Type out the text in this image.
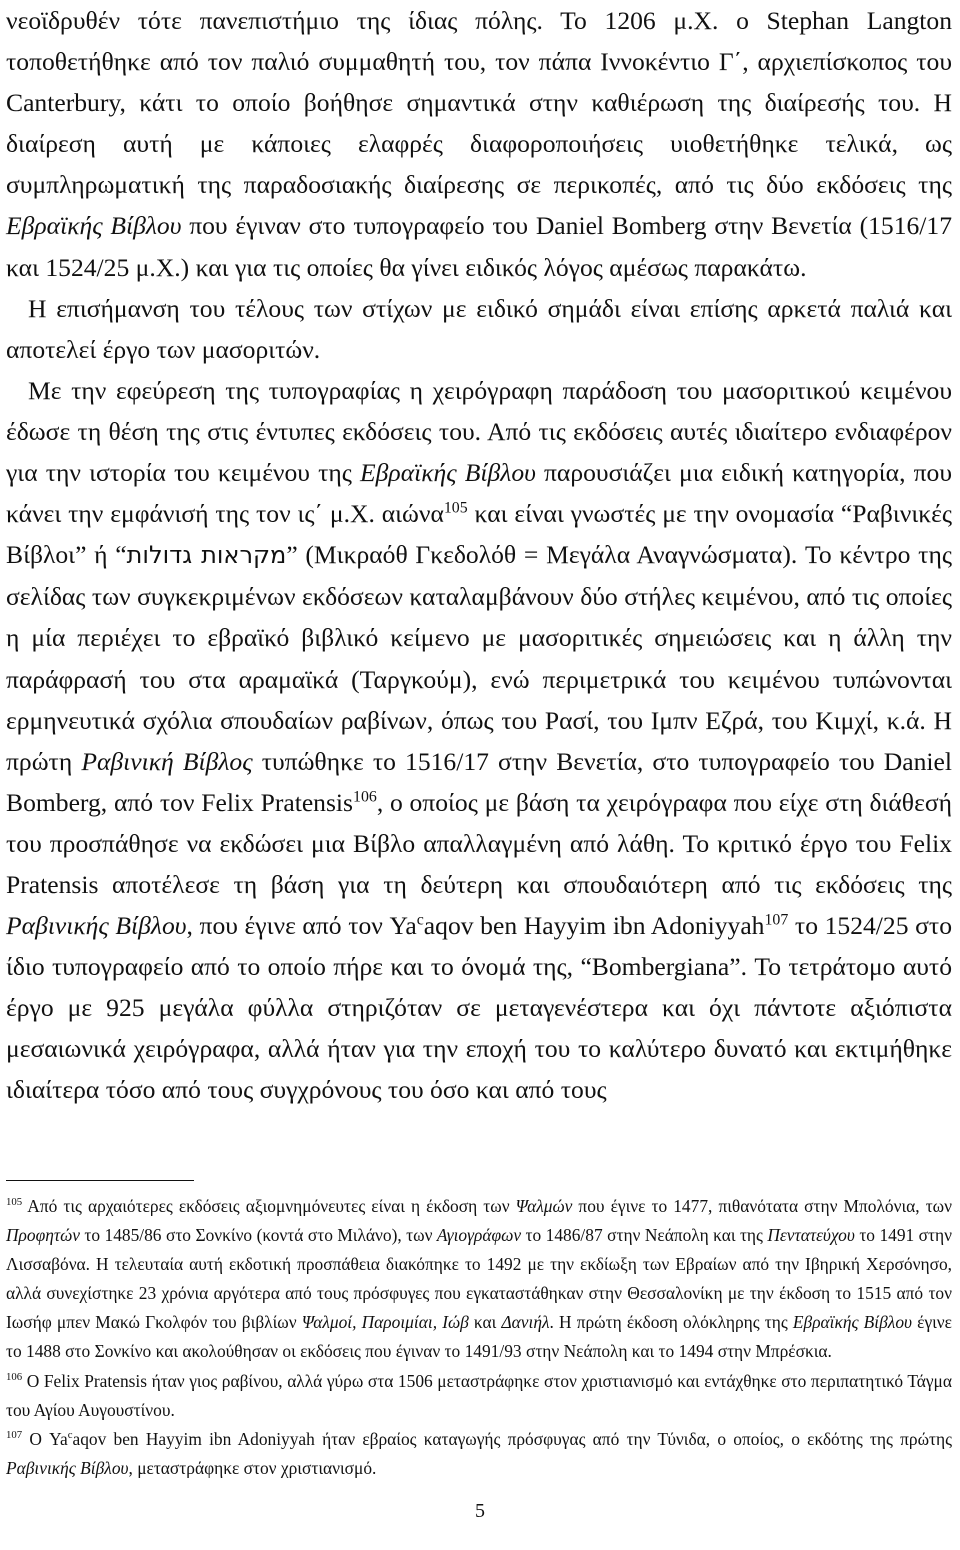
νεοϊδρυθέν τότε πανεπιστήμιο της ίδιας πόλης. Το 1206 μ.Χ. ο Stephan Langton τοποθετήθηκε από τον παλιό συμμαθητή του, τον πάπα Ιννοκέντιο Γ΄, αρχιεπίσκοπος του Canterbury, κάτι το οποίο βοήθησε σημαντικά στην καθιέρωση της διαίρεσής του. Η διαίρεση αυτή με κάποιες ελαφρές διαφοροποιήσεις υιοθετήθηκε τελικά, ως συμπληρωματική της παραδοσιακής διαίρεσης σε περικοπές, από τις δύο εκδόσεις της Εβραϊκής Βίβλου που έγιναν στο τυπογραφείο του Daniel Bomberg στην Βενετία (1516/17 και 1524/25 μ.Χ.) και για τις οποίες θα γίνει ειδικός λόγος αμέσως παρακάτω.

Η επισήμανση του τέλους των στίχων με ειδικό σημάδι είναι επίσης αρκετά παλιά και αποτελεί έργο των μασοριτών.

Με την εφεύρεση της τυπογραφίας η χειρόγραφη παράδοση του μασοριτικού κειμένου έδωσε τη θέση της στις έντυπες εκδόσεις του. Από τις εκδόσεις αυτές ιδιαίτερο ενδιαφέρον για την ιστορία του κειμένου της Εβραϊκής Βίβλου παρουσιάζει μια ειδική κατηγορία, που κάνει την εμφάνισή της τον ις΄ μ.Χ. αιώνα$^{105}$ και είναι γνωστές με την ονομασία “Ραβινικές Βίβλοι” ή “מקראות גדולות” (Μικραόθ Γκεδολόθ = Μεγάλα Αναγνώσματα). Το κέντρο της σελίδας των συγκεκριμένων εκδόσεων καταλαμβάνουν δύο στήλες κειμένου, από τις οποίες η μία περιέχει το εβραϊκό βιβλικό κείμενο με μασοριτικές σημειώσεις και η άλλη την παράφρασή του στα αραμαϊκά (Ταργκούμ), ενώ περιμετρικά του κειμένου τυπώνονται ερμηνευτικά σχόλια σπουδαίων ραβίνων, όπως του Ρασί, του Ιμπν Εζρά, του Κιμχί, κ.ά. Η πρώτη Ραβινική Βίβλος τυπώθηκε το 1516/17 στην Βενετία, στο τυπογραφείο του Daniel Bomberg, από τον Felix Pratensis$^{106}$, ο οποίος με βάση τα χειρόγραφα που είχε στη διάθεσή του προσπάθησε να εκδώσει μια Βίβλο απαλλαγμένη από λάθη. Το κριτικό έργο του Felix Pratensis αποτέλεσε τη βάση για τη δεύτερη και σπουδαιότερη από τις εκδόσεις της Ραβινικής Βίβλου, που έγινε από τον Ya$^c$aqov ben Hayyim ibn Adoniyyah$^{107}$ το 1524/25 στο ίδιο τυπογραφείο από το οποίο πήρε και το όνομά της, “Bombergiana”. Το τετράτομο αυτό έργο με 925 μεγάλα φύλλα στηριζόταν σε μεταγενέστερα και όχι πάντοτε αξιόπιστα μεσαιωνικά χειρόγραφα, αλλά ήταν για την εποχή του το καλύτερο δυνατό και εκτιμήθηκε ιδιαίτερα τόσο από τους συγχρόνους του όσο και από τους

$^{105}$ Από τις αρχαιότερες εκδόσεις αξιομνημόνευτες είναι η έκδοση των Ψαλμών που έγινε το 1477, πιθανότατα στην Μπολόνια, των Προφητών το 1485/86 στο Σονκίνο (κοντά στο Μιλάνο), των Αγιογράφων το 1486/87 στην Νεάπολη και της Πεντατεύχου το 1491 στην Λισσαβόνα. Η τελευταία αυτή εκδοτική προσπάθεια διακόπηκε το 1492 με την εκδίωξη των Εβραίων από την Ιβηρική Χερσόνησο, αλλά συνεχίστηκε 23 χρόνια αργότερα από τους πρόσφυγες που εγκαταστάθηκαν στην Θεσσαλονίκη με την έκδοση το 1515 από τον Ιωσήφ μπεν Μακώ Γκολφόν του βιβλίων Ψαλμοί, Παροιμίαι, Ιώβ και Δανιήλ. Η πρώτη έκδοση ολόκληρης της Εβραϊκής Βίβλου έγινε το 1488 στο Σονκίνο και ακολούθησαν οι εκδόσεις που έγιναν το 1491/93 στην Νεάπολη και το 1494 στην Μπρέσκια.

$^{106}$ Ο Felix Pratensis ήταν γιος ραβίνου, αλλά γύρω στα 1506 μεταστράφηκε στον χριστιανισμό και εντάχθηκε στο περιπατητικό Τάγμα του Αγίου Αυγουστίνου.

$^{107}$ Ο Ya$^c$aqov ben Hayyim ibn Adoniyyah ήταν εβραίος καταγωγής πρόσφυγας από την Τύνιδα, ο οποίος, ο εκδότης της πρώτης Ραβινικής Βίβλου, μεταστράφηκε στον χριστιανισμό.

5
